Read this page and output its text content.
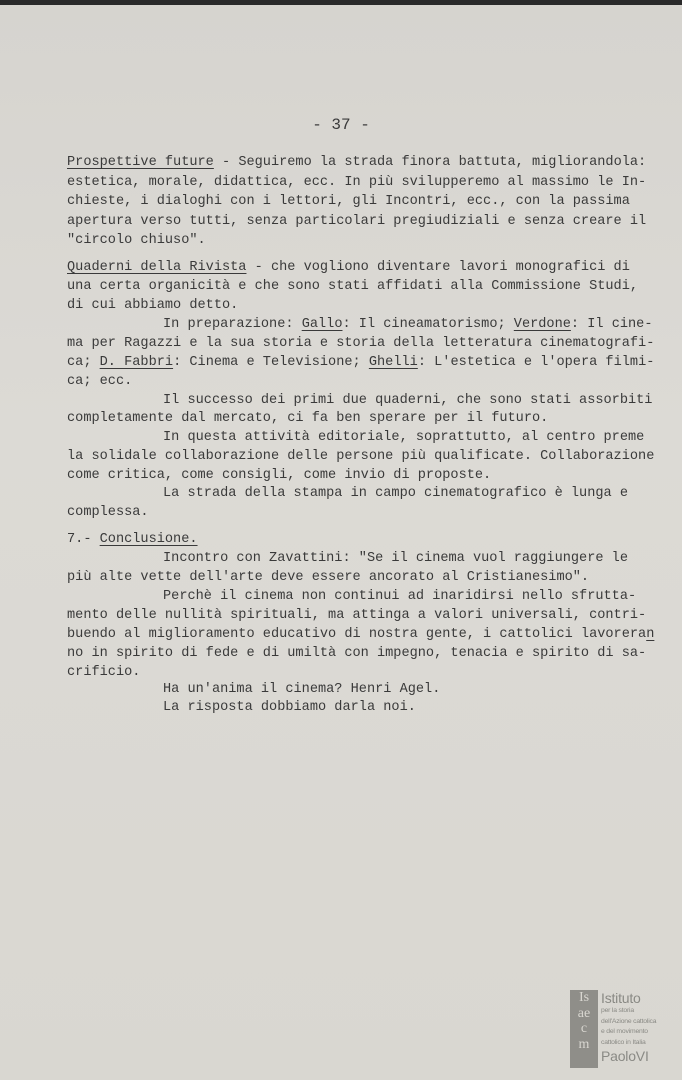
- 37 -
Prospettive future - Seguiremo la strada finora battuta, migliorandola:
estetica, morale, didattica, ecc. In più svilupperemo al massimo le In-
chieste, i dialoghi con i lettori, gli Incontri, ecc., con la passima
apertura verso tutti, senza particolari pregiudiziali e senza creare il
"circolo chiuso".
Quaderni della Rivista - che vogliono diventare lavori monografici di
una certa organicità e che sono stati affidati alla Commissione Studi,
di cui abbiamo detto.
In preparazione: Gallo: Il cineamatorismo; Verdone: Il cine-
ma per Ragazzi e la sua storia e storia della letteratura cinematografi-
ca; D. Fabbri: Cinema e Televisione; Ghelli: L'estetica e l'opera filmi-
ca; ecc.
Il successo dei primi due quaderni, che sono stati assorbiti
completamente dal mercato, ci fa ben sperare per il futuro.
In questa attività editoriale, soprattutto, al centro preme
la solidale collaborazione delle persone più qualificate. Collaborazione
come critica, come consigli, come invio di proposte.
La strada della stampa in campo cinematografico è lunga e
complessa.
7.- Conclusione.
Incontro con Zavattini: "Se il cinema vuol raggiungere le
più alte vette dell'arte deve essere ancorato al Cristianesimo".
Perchè il cinema non continui ad inaridirsi nello sfrutta-
mento delle nullità spirituali, ma attinga a valori universali, contri-
buendo al miglioramento educativo di nostra gente, i cattolici lavoreran
no in spirito di fede e di umiltà con impegno, tenacia e spirito di sa-
crificio.
Ha un'anima il cinema? Henri Agel.
La risposta dobbiamo darla noi.
Is
ae
c
m
Istituto
per la storia
dell'Azione cattolica
e del movimento
cattolico in Italia

PaoloVI
